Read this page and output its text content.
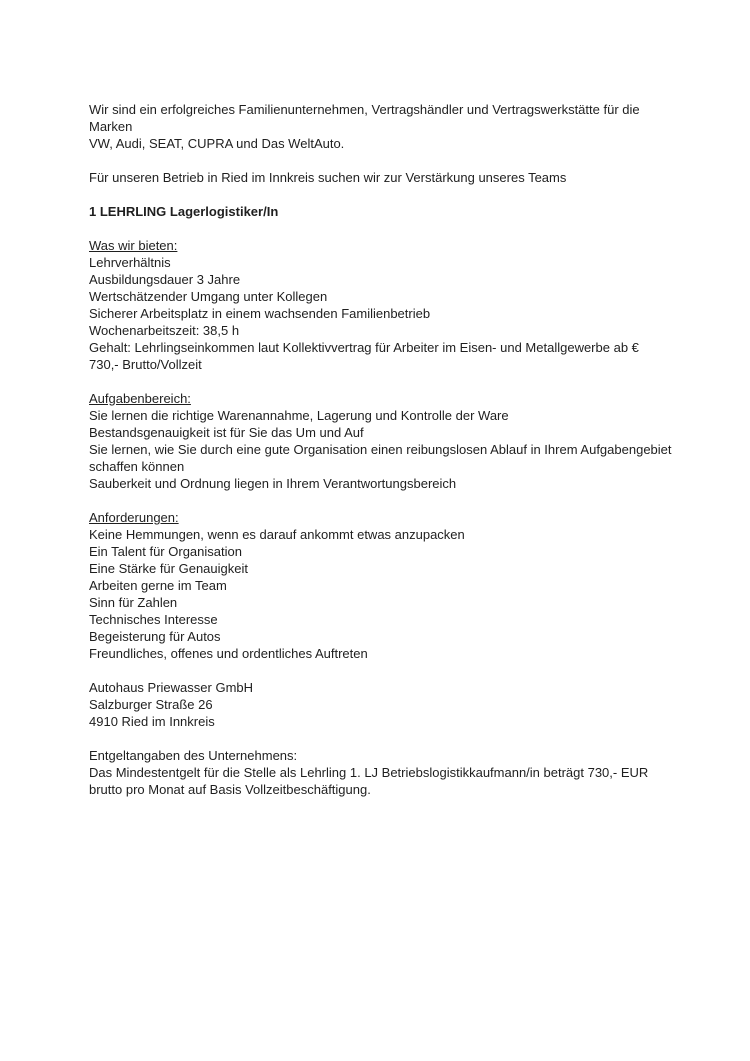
Wir sind ein erfolgreiches Familienunternehmen, Vertragshändler und Vertragswerkstätte für die
Marken
VW, Audi, SEAT, CUPRA und Das WeltAuto.

Für unseren Betrieb in Ried im Innkreis suchen wir zur Verstärkung unseres Teams

1 LEHRLING Lagerlogistiker/In

Was wir bieten:
Lehrverhältnis
Ausbildungsdauer 3 Jahre
Wertschätzender Umgang unter Kollegen
Sicherer Arbeitsplatz in einem wachsenden Familienbetrieb
Wochenarbeitszeit: 38,5 h
Gehalt: Lehrlingseinkommen laut Kollektivvertrag für Arbeiter im Eisen- und Metallgewerbe ab €
730,- Brutto/Vollzeit

Aufgabenbereich:
Sie lernen die richtige Warenannahme, Lagerung und Kontrolle der Ware
Bestandsgenauigkeit ist für Sie das Um und Auf
Sie lernen, wie Sie durch eine gute Organisation einen reibungslosen Ablauf in Ihrem Aufgabengebiet
schaffen können
Sauberkeit und Ordnung liegen in Ihrem Verantwortungsbereich

Anforderungen:
Keine Hemmungen, wenn es darauf ankommt etwas anzupacken
Ein Talent für Organisation
Eine Stärke für Genauigkeit
Arbeiten gerne im Team
Sinn für Zahlen
Technisches Interesse
Begeisterung für Autos
Freundliches, offenes und ordentliches Auftreten

Autohaus Priewasser GmbH
Salzburger Straße 26
4910 Ried im Innkreis

Entgeltangaben des Unternehmens:
Das Mindestentgelt für die Stelle als Lehrling 1. LJ Betriebslogistikkaufmann/in beträgt 730,- EUR
brutto pro Monat auf Basis Vollzeitbeschäftigung.
